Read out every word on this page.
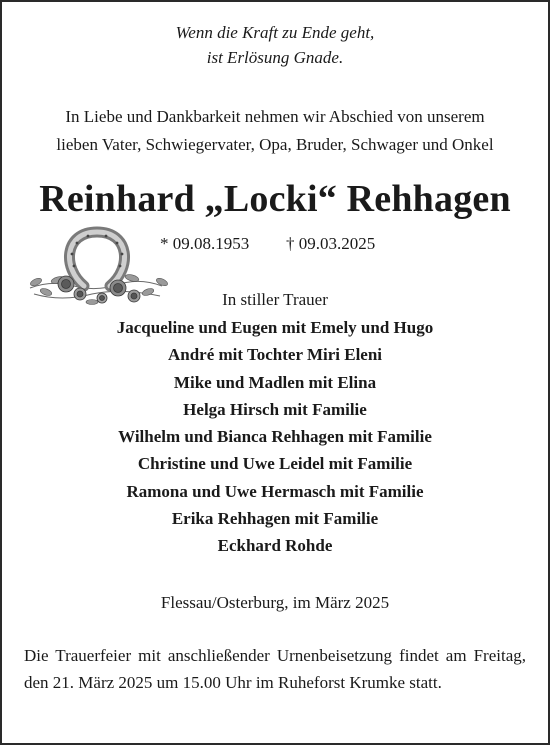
Wenn die Kraft zu Ende geht,
ist Erlösung Gnade.
In Liebe und Dankbarkeit nehmen wir Abschied von unserem
lieben Vater, Schwiegervater, Opa, Bruder, Schwager und Onkel
Reinhard „Locki“ Rehhagen
* 09.08.1953 † 09.03.2025
In stiller Trauer
Jacqueline und Eugen mit Emely und Hugo
André mit Tochter Miri Eleni
Mike und Madlen mit Elina
Helga Hirsch mit Familie
Wilhelm und Bianca Rehhagen mit Familie
Christine und Uwe Leidel mit Familie
Ramona und Uwe Hermasch mit Familie
Erika Rehhagen mit Familie
Eckhard Rohde
Flessau/Osterburg, im März 2025
Die Trauerfeier mit anschließender Urnenbeisetzung findet am Freitag, den 21. März 2025 um 15.00 Uhr im Ruheforst Krumke statt.
